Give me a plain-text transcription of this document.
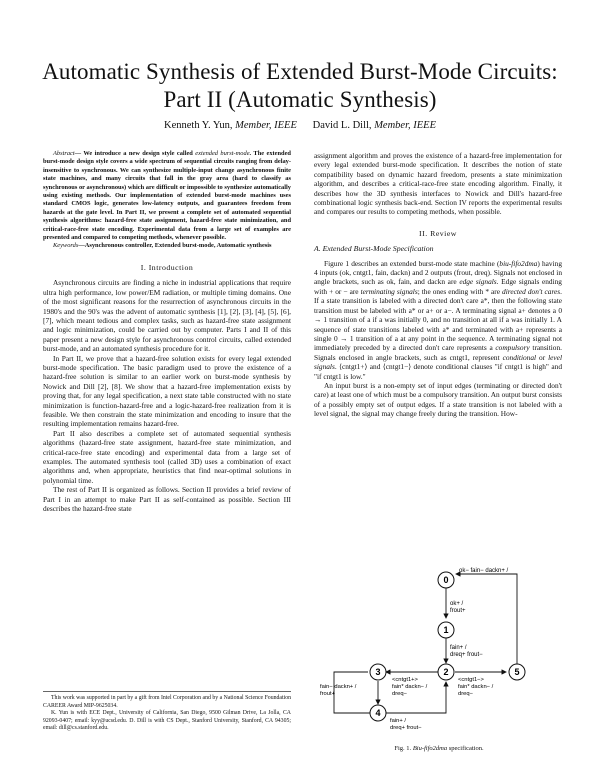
Automatic Synthesis of Extended Burst-Mode Circuits: Part II (Automatic Synthesis)
Kenneth Y. Yun, Member, IEEE David L. Dill, Member, IEEE
Abstract— We introduce a new design style called extended burst-mode. The extended burst-mode design style covers a wide spectrum of sequential circuits ranging from delay-insensitive to synchronous. We can synthesize multiple-input change asynchronous finite state machines, and many circuits that fall in the gray area (hard to classify as synchronous or asynchronous) which are difficult or impossible to synthesize automatically using existing methods. Our implementation of extended burst-mode machines uses standard CMOS logic, generates low-latency outputs, and guarantees freedom from hazards at the gate level. In Part II, we present a complete set of automated sequential synthesis algorithms: hazard-free state assignment, hazard-free state minimization, and critical-race-free state encoding. Experimental data from a large set of examples are presented and compared to competing methods, whenever possible.
Keywords—Asynchronous controller, Extended burst-mode, Automatic synthesis
I. Introduction

Asynchronous circuits are finding a niche in industrial applications that require ultra high performance, low power/EM radiation, or multiple timing domains. One of the most significant reasons for the resurrection of asynchronous circuits in the 1980's and the 90's was the advent of automatic synthesis [1], [2], [3], [4], [5], [6], [7], which meant tedious and complex tasks, such as hazard-free state assignment and logic minimization, could be carried out by computer. Parts I and II of this paper present a new design style for asynchronous control circuits, called extended burst-mode, and an automated synthesis procedure for it.

In Part II, we prove that a hazard-free solution exists for every legal extended burst-mode specification. The basic paradigm used to prove the existence of a hazard-free solution is similar to an earlier work on burst-mode synthesis by Nowick and Dill [2], [8]. We show that a hazard-free implementation exists by proving that, for any legal specification, a next state table constructed with no state minimization is function-hazard-free and a logic-hazard-free realization from it is feasible. We then constrain the state minimization and encoding to insure that the resulting implementation remains hazard-free.

Part II also describes a complete set of automated sequential synthesis algorithms (hazard-free state assignment, hazard-free state minimization, and critical-race-free state encoding) and experimental data from a large set of examples. The automated synthesis tool (called 3D) uses a combination of exact algorithms and, when appropriate, heuristics that find near-optimal solutions in polynomial time.

The rest of Part II is organized as follows. Section II provides a brief review of Part I in an attempt to make Part II as self-contained as possible. Section III describes the hazard-free state

This work was supported in part by a gift from Intel Corporation and by a National Science Foundation CAREER Award MIP-9625034.

K. Yun is with ECE Dept., University of California, San Diego, 9500 Gilman Drive, La Jolla, CA 92093-0407; email: kyy@ucsd.edu. D. Dill is with CS Dept., Stanford University, Stanford, CA 94305; email: dill@cs.stanford.edu.

assignment algorithm and proves the existence of a hazard-free implementation for every legal extended burst-mode specification. It describes the notion of state compatibility based on dynamic hazard freedom, presents a state minimization algorithm, and describes a critical-race-free state encoding algorithm. Finally, it describes how the 3D synthesis interfaces to Nowick and Dill's hazard-free combinational logic synthesis back-end. Section IV reports the experimental results and compares our results to competing methods, when possible.

II. Review
A. Extended Burst-Mode Specification

Figure 1 describes an extended burst-mode state machine (biu-fifo2dma) having 4 inputs (ok, cntgt1, fain, dackn) and 2 outputs (frout, dreq). Signals not enclosed in angle brackets, such as ok, fain, and dackn are edge signals. Edge signals ending with + or − are terminating signals; the ones ending with * are directed don't cares. If a state transition is labeled with a directed don't care a*, then the following state transition must be labeled with a* or a+ or a−. A terminating signal a+ denotes a 0 → 1 transition of a if a was initially 0, and no transition at all if a was initially 1. A sequence of state transitions labeled with a* and terminated with a+ represents a single 0 → 1 transition of a at any point in the sequence. A terminating signal not immediately preceded by a directed don't care represents a compulsory transition. Signals enclosed in angle brackets, such as cntgt1, represent conditional or level signals. ⟨cntgt1+⟩ and ⟨cntgt1−⟩ denote conditional clauses "if cntgt1 is high" and "if cntgt1 is low."

An input burst is a non-empty set of input edges (terminating or directed don't care) at least one of which must be a compulsory transition. An output burst consists of a possibly empty set of output edges. If a state transition is not labeled with a level signal, the signal may change freely during the transition. How-

0
1
2
3	5
4
ok− fain− dackn+ /
ok+ /
frout+
fain+ /
dreq+ frout−
<cntgt1+>
fain* dackn− /
dreq−
<cntgt1−>
fain* dackn− /
dreq−
fain− dackn+ /
frout+
fain+ /
dreq+ frout−
Fig. 1. Biu-fifo2dma specification.
